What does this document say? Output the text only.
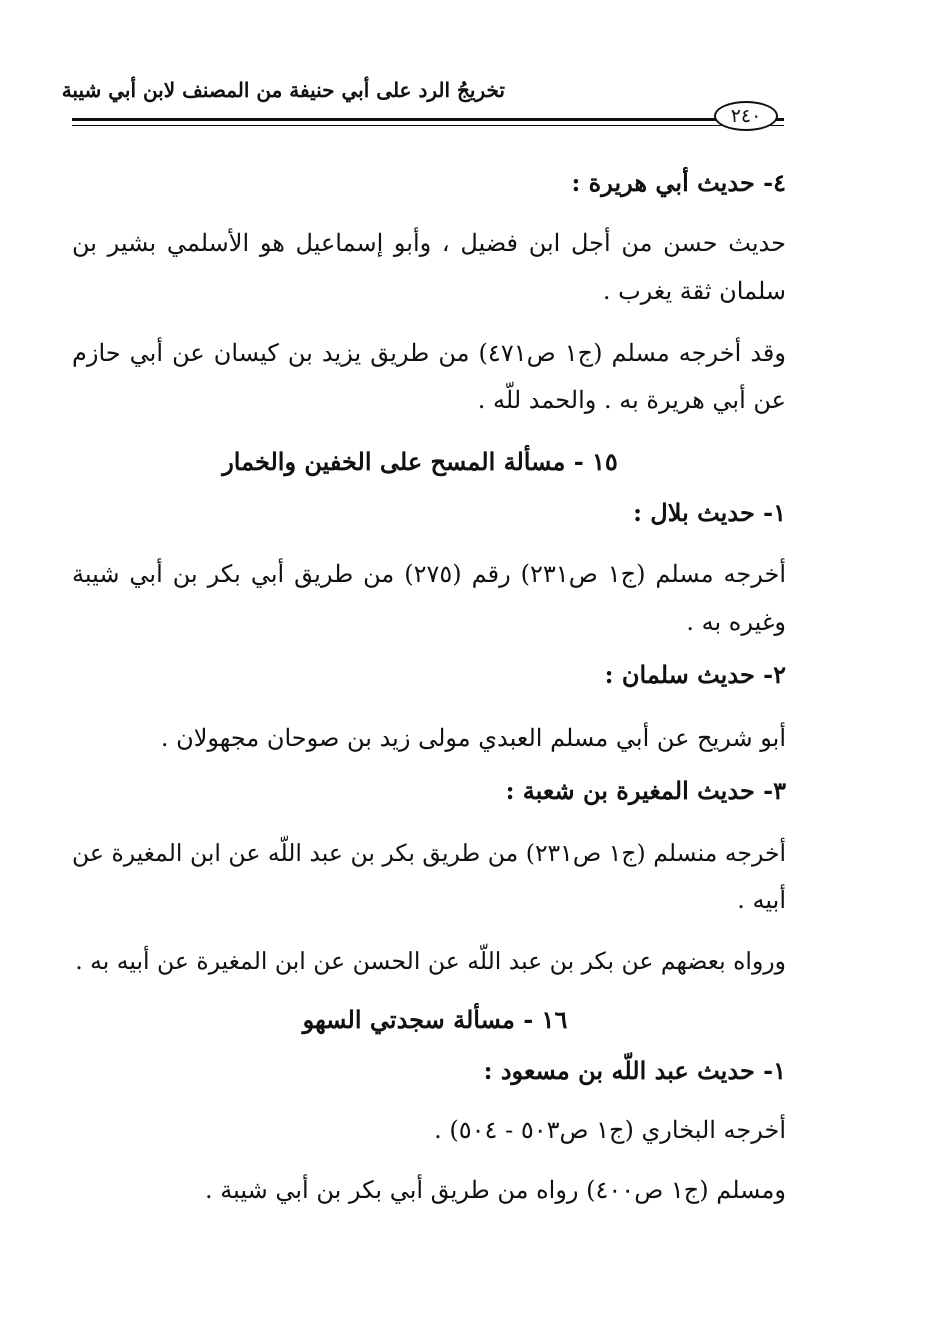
تخريجُ الرد على أبي حنيفة من المصنف لابن أبي شيبة
٢٤٠
٤- حديث أبي هريرة :
حديث حسن من أجل ابن فضيل ، وأبو إسماعيل هو الأسلمي بشير بن
سلمان ثقة يغرب .
وقد أخرجه مسلم (ج١ ص٤٧١) من طريق يزيد بن كيسان عن أبي حازم
عن أبي هريرة به . والحمد للّه .
١٥ - مسألة المسح على الخفين والخمار
١- حديث بلال :
أخرجه مسلم (ج١ ص٢٣١) رقم (٢٧٥) من طريق أبي بكر بن أبي شيبة
وغيره به .
٢- حديث سلمان :
أبو شريح عن أبي مسلم العبدي مولى زيد بن صوحان مجهولان .
٣- حديث المغيرة بن شعبة :
أخرجه منسلم (ج١ ص٢٣١) من طريق بكر بن عبد اللّه عن ابن المغيرة عن
أبيه .
ورواه بعضهم عن بكر بن عبد اللّه عن الحسن عن ابن المغيرة عن أبيه به .
١٦ - مسألة سجدتي السهو
١- حديث عبد اللّه بن مسعود :
أخرجه البخاري (ج١ ص٥٠٣ - ٥٠٤) .
ومسلم (ج١ ص٤٠٠) رواه من طريق أبي بكر بن أبي شيبة .
